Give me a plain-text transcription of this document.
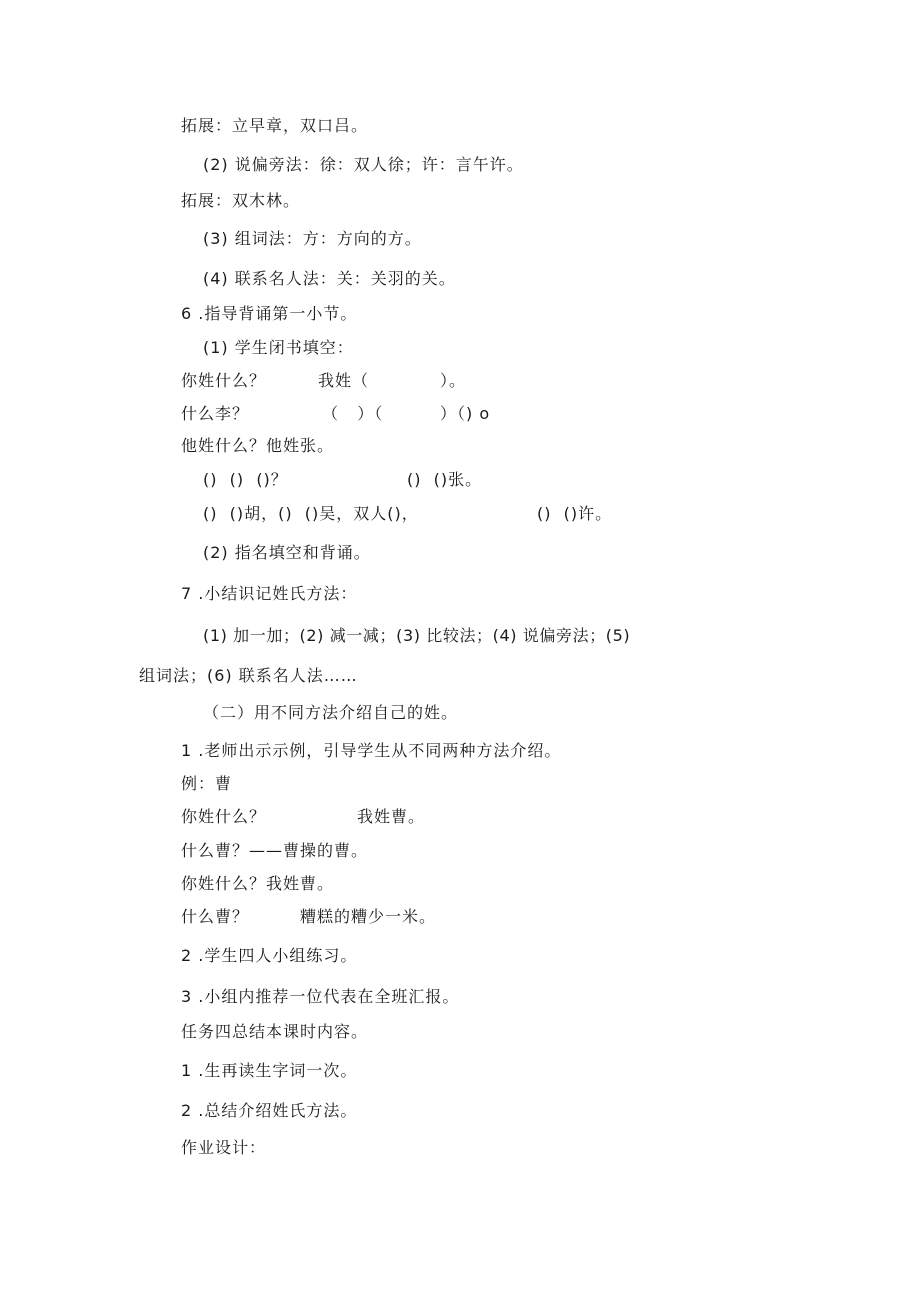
拓展：立早章，双口吕。
(2) 说偏旁法：徐：双人徐；许：言午许。
拓展：双木林。
(3) 组词法：方：方向的方。
(4) 联系名人法：关：关羽的关。
6 .指导背诵第一小节。
(1) 学生闭书填空：
你姓什么？	我姓（	）。
什么李？	（   ）（	）（) o
他姓什么？他姓张。
()  ()  ()？	()  ()张。
()  ()胡，()  ()吴，双人()，	()  ()许。
(2) 指名填空和背诵。
7 .小结识记姓氏方法：
(1) 加一加；(2) 减一减；(3) 比较法；(4) 说偏旁法；(5)
组词法；(6) 联系名人法……
（二）用不同方法介绍自己的姓。
1 .老师出示示例，引导学生从不同两种方法介绍。
例：曹
你姓什么？	我姓曹。
什么曹？——曹操的曹。
你姓什么？我姓曹。
什么曹？	糟糕的糟少一米。
2 .学生四人小组练习。
3 .小组内推荐一位代表在全班汇报。
任务四总结本课时内容。
1 .生再读生字词一次。
2 .总结介绍姓氏方法。
作业设计：
